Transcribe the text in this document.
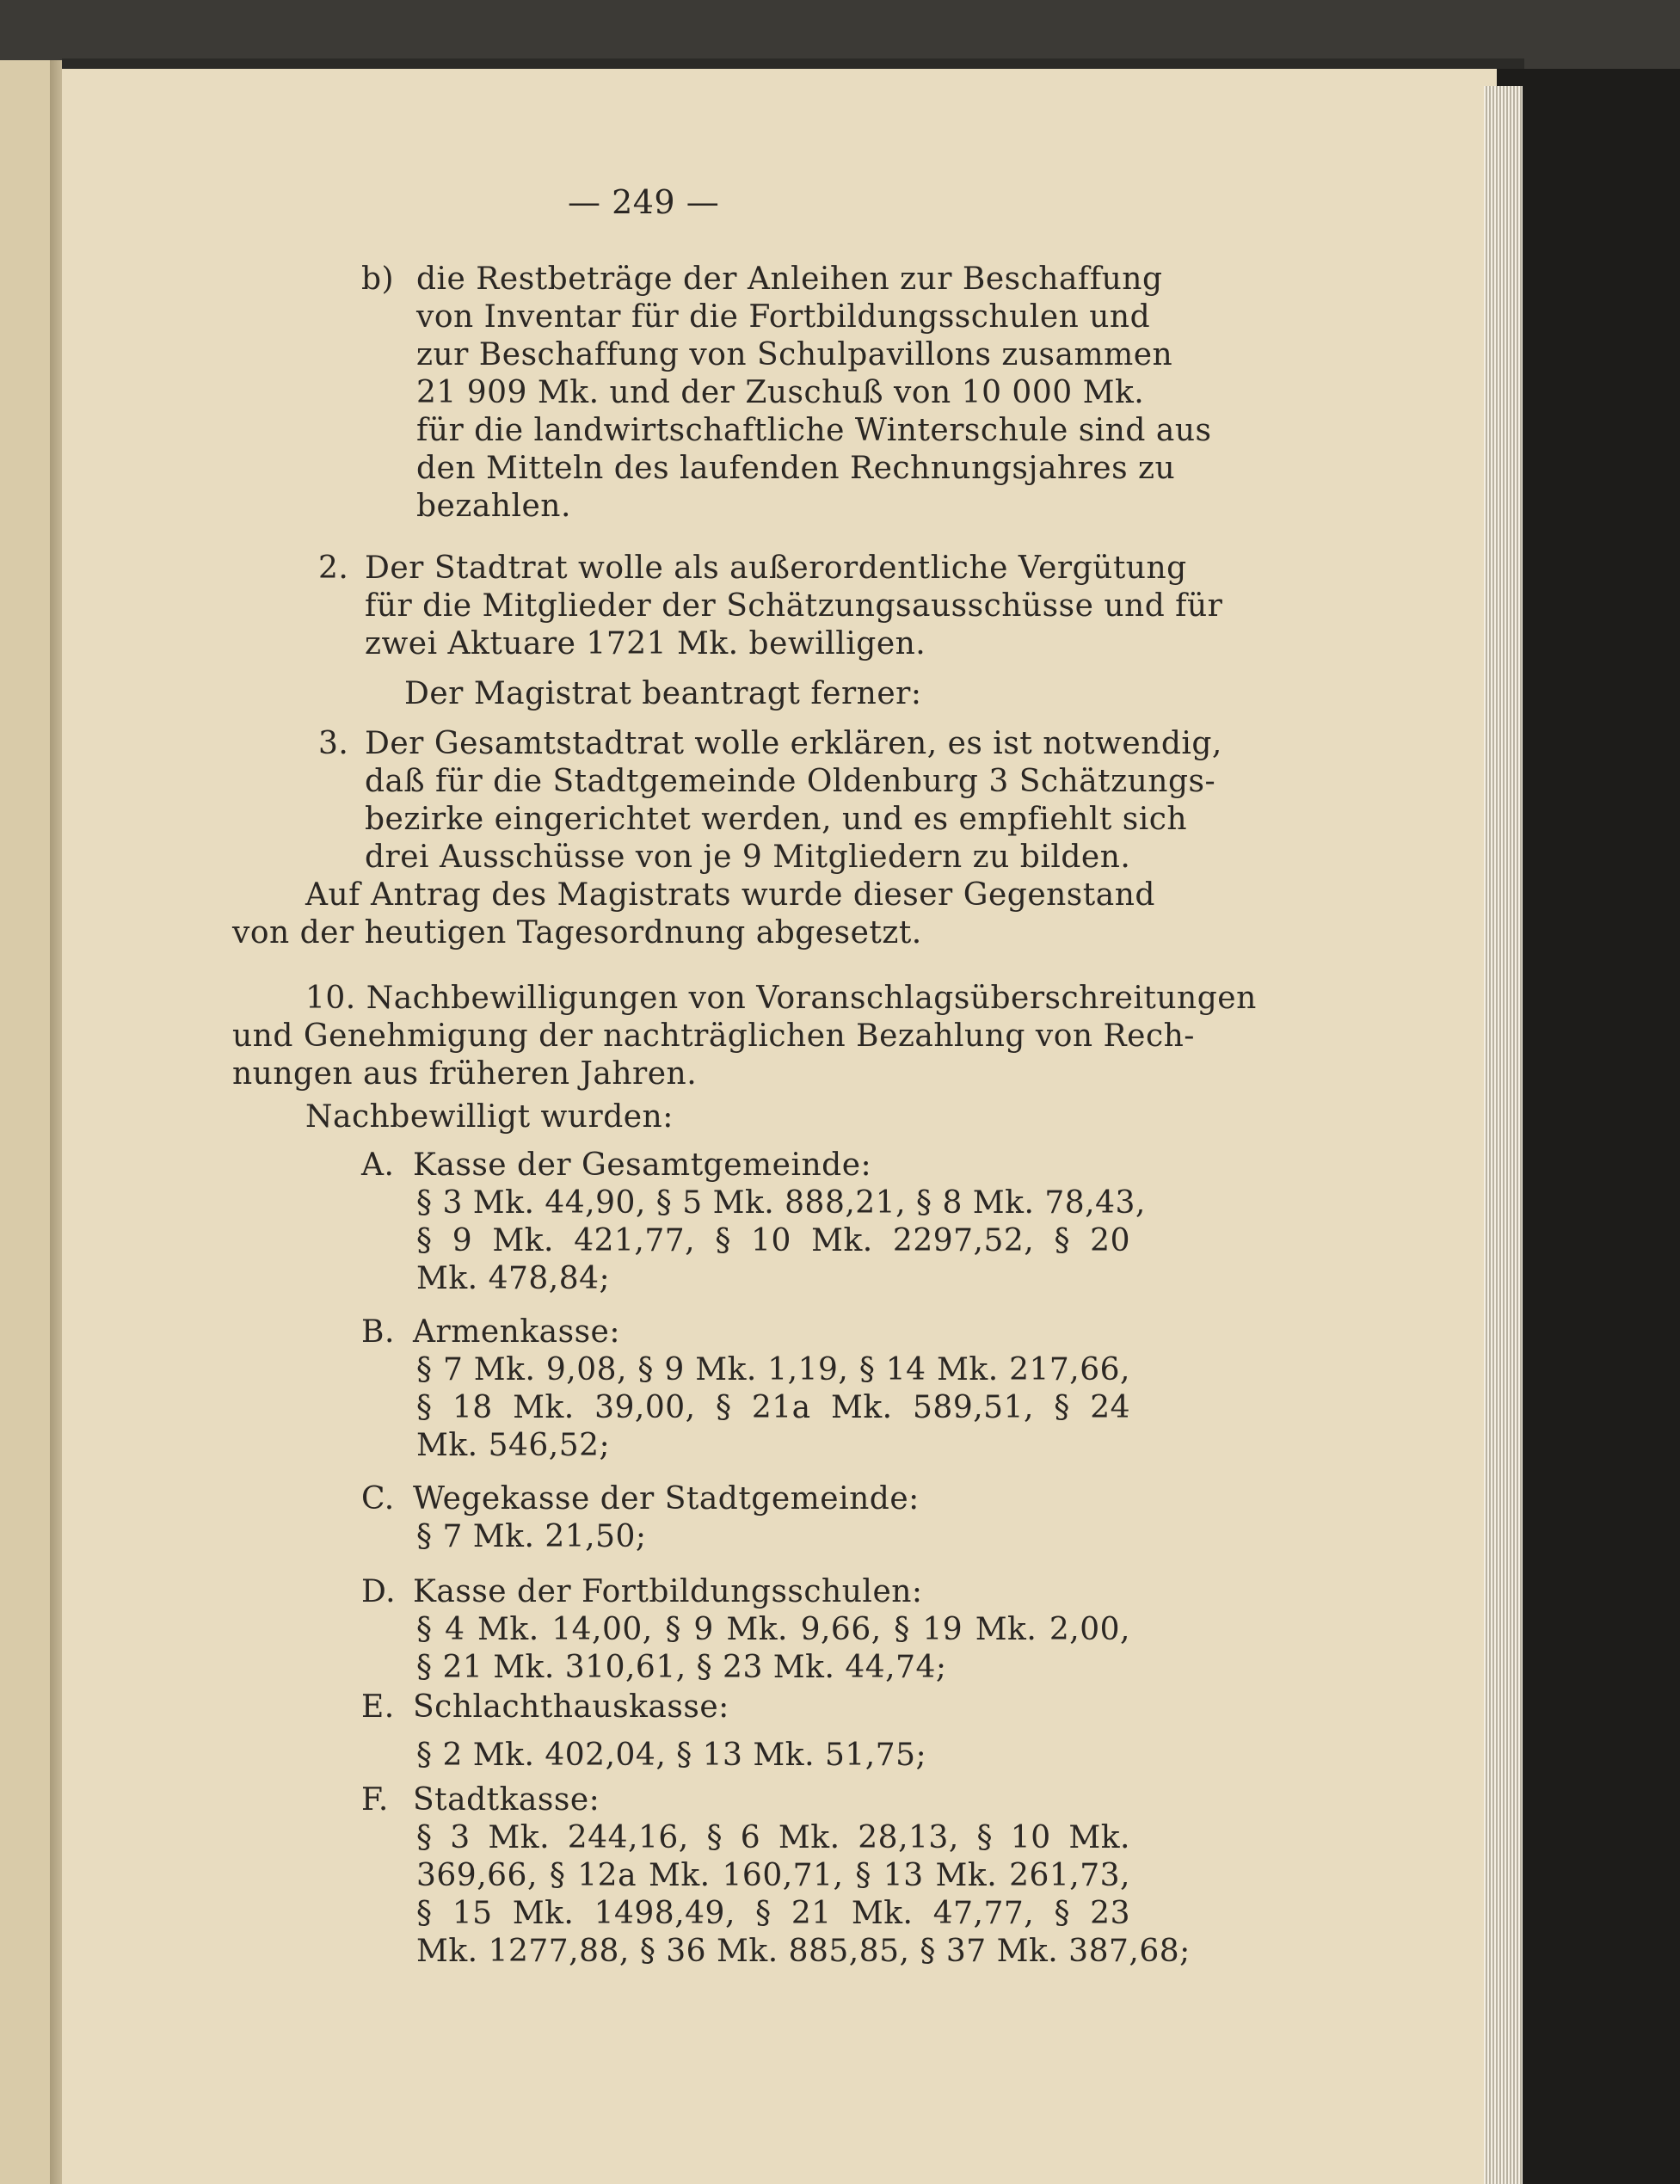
— 249 —
b) die Restbeträge der Anleihen zur Beschaffung
von Inventar für die Fortbildungsschulen und
zur Beschaffung von Schulpavillons zusammen
21 909 Mk. und der Zuschuß von 10 000 Mk.
für die landwirtschaftliche Winterschule sind aus
den Mitteln des laufenden Rechnungsjahres zu
bezahlen.
2. Der Stadtrat wolle als außerordentliche Vergütung
für die Mitglieder der Schätzungsausschüsse und für
zwei Aktuare 1721 Mk. bewilligen.
Der Magistrat beantragt ferner:
3. Der Gesamtstadtrat wolle erklären, es ist notwendig,
daß für die Stadtgemeinde Oldenburg 3 Schätzungs-
bezirke eingerichtet werden, und es empfiehlt sich
drei Ausschüsse von je 9 Mitgliedern zu bilden.
Auf Antrag des Magistrats wurde dieser Gegenstand
von der heutigen Tagesordnung abgesetzt.
10. Nachbewilligungen von Voranschlagsüberschreitungen
und Genehmigung der nachträglichen Bezahlung von Rech-
nungen aus früheren Jahren.
Nachbewilligt wurden:
A. Kasse der Gesamtgemeinde:
§ 3 Mk. 44,90, § 5 Mk. 888,21, § 8 Mk. 78,43,
§ 9 Mk. 421,77, § 10 Mk. 2297,52, § 20
Mk. 478,84;
B. Armenkasse:
§ 7 Mk. 9,08, § 9 Mk. 1,19, § 14 Mk. 217,66,
§ 18 Mk. 39,00, § 21a Mk. 589,51, § 24
Mk. 546,52;
C. Wegekasse der Stadtgemeinde:
§ 7 Mk. 21,50;
D. Kasse der Fortbildungsschulen:
§ 4 Mk. 14,00, § 9 Mk. 9,66, § 19 Mk. 2,00,
§ 21 Mk. 310,61, § 23 Mk. 44,74;
E. Schlachthauskasse:
§ 2 Mk. 402,04, § 13 Mk. 51,75;
F. Stadtkasse:
§ 3 Mk. 244,16, § 6 Mk. 28,13, § 10 Mk.
369,66, § 12a Mk. 160,71, § 13 Mk. 261,73,
§ 15 Mk. 1498,49, § 21 Mk. 47,77, § 23
Mk. 1277,88, § 36 Mk. 885,85, § 37 Mk. 387,68;
